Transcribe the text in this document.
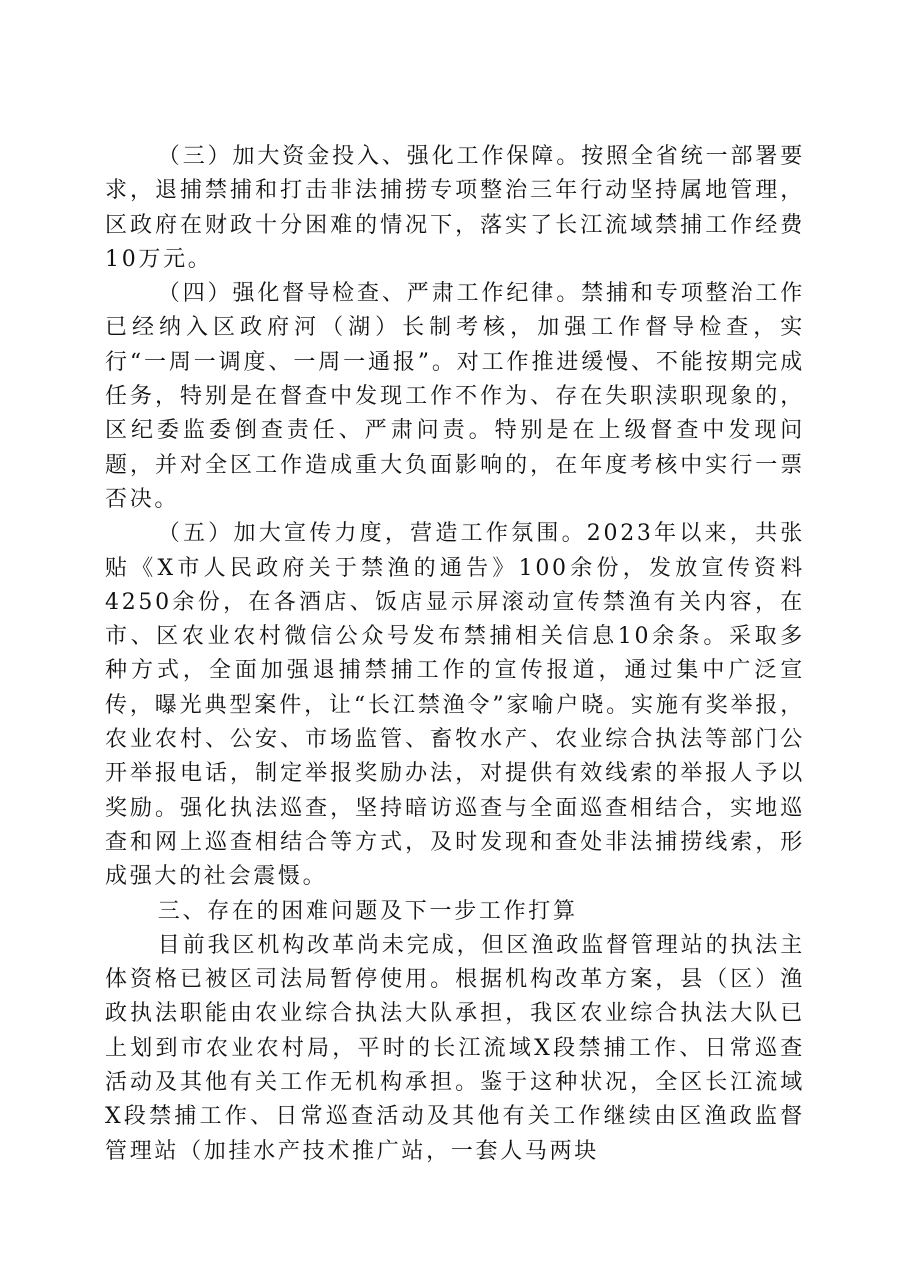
（三）加大资金投入、强化工作保障。按照全省统一部署要求，退捕禁捕和打击非法捕捞专项整治三年行动坚持属地管理，区政府在财政十分困难的情况下，落实了长江流域禁捕工作经费10万元。

（四）强化督导检查、严肃工作纪律。禁捕和专项整治工作已经纳入区政府河（湖）长制考核，加强工作督导检查，实行“一周一调度、一周一通报”。对工作推进缓慢、不能按期完成任务，特别是在督查中发现工作不作为、存在失职渎职现象的，区纪委监委倒查责任、严肃问责。特别是在上级督查中发现问题，并对全区工作造成重大负面影响的，在年度考核中实行一票否决。

（五）加大宣传力度，营造工作氛围。2023年以来，共张贴《X市人民政府关于禁渔的通告》100余份，发放宣传资料4250余份，在各酒店、饭店显示屏滚动宣传禁渔有关内容，在市、区农业农村微信公众号发布禁捕相关信息10余条。采取多种方式，全面加强退捕禁捕工作的宣传报道，通过集中广泛宣传，曝光典型案件，让“长江禁渔令”家喻户晓。实施有奖举报，农业农村、公安、市场监管、畜牧水产、农业综合执法等部门公开举报电话，制定举报奖励办法，对提供有效线索的举报人予以奖励。强化执法巡查，坚持暗访巡查与全面巡查相结合，实地巡查和网上巡查相结合等方式，及时发现和查处非法捕捞线索，形成强大的社会震慑。

三、存在的困难问题及下一步工作打算

目前我区机构改革尚未完成，但区渔政监督管理站的执法主体资格已被区司法局暂停使用。根据机构改革方案，县（区）渔政执法职能由农业综合执法大队承担，我区农业综合执法大队已上划到市农业农村局，平时的长江流域X段禁捕工作、日常巡查活动及其他有关工作无机构承担。鉴于这种状况，全区长江流域X段禁捕工作、日常巡查活动及其他有关工作继续由区渔政监督管理站（加挂水产技术推广站，一套人马两块
